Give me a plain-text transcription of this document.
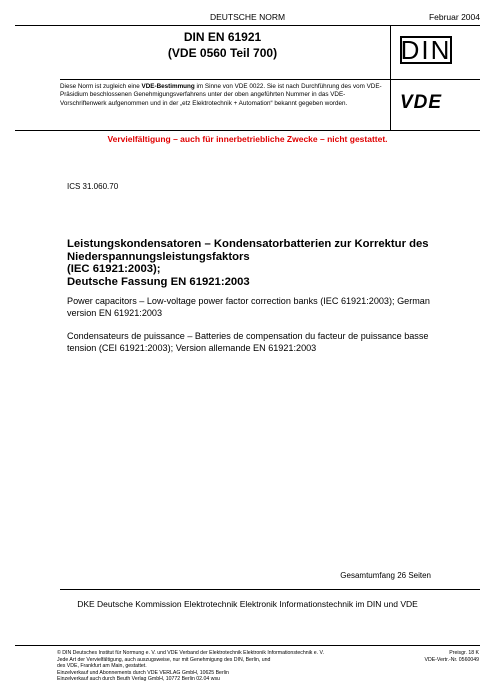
DEUTSCHE NORM	Februar 2004
DIN EN 61921
(VDE 0560 Teil 700)	DIN
Diese Norm ist zugleich eine VDE-Bestimmung im Sinne von VDE 0022. Sie ist nach Durchführung des vom VDE-Präsidium beschlossenen Genehmigungsverfahrens unter der oben angeführten Nummer in das VDE-Vorschriftenwerk aufgenommen und in der „etz Elektrotechnik + Automation“ bekannt gegeben worden.	VDE
Vervielfältigung – auch für innerbetriebliche Zwecke – nicht gestattet.
ICS 31.060.70
Leistungskondensatoren – Kondensatorbatterien zur Korrektur des
Niederspannungsleistungsfaktors
(IEC 61921:2003);
Deutsche Fassung EN 61921:2003
Power capacitors – Low-voltage power factor correction banks (IEC 61921:2003); German
version EN 61921:2003
Condensateurs de puissance – Batteries de compensation du facteur de puissance basse
tension (CEI 61921:2003); Version allemande EN 61921:2003
Gesamtumfang 26 Seiten
DKE Deutsche Kommission Elektrotechnik Elektronik Informationstechnik im DIN und VDE
© DIN Deutsches Institut für Normung e. V. und VDE Verband der Elektrotechnik Elektronik Informationstechnik e. V.
Jede Art der Vervielfältigung, auch auszugsweise, nur mit Genehmigung des DIN, Berlin, und
des VDE, Frankfurt am Main, gestattet.
Einzelverkauf und Abonnements durch VDE VERLAG GmbH, 10625 Berlin
Einzelverkauf auch durch Beuth Verlag GmbH, 10772 Berlin 02.04 wsu
Preisgr. 18 K
VDE-Vertr.-Nr. 0560049
